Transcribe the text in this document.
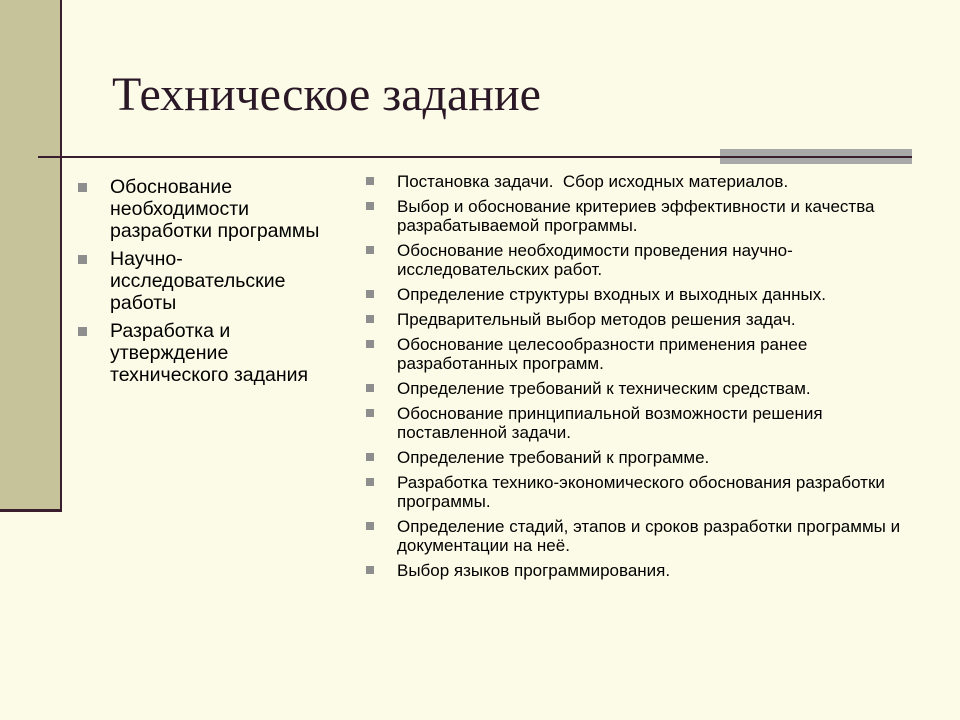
Техническое задание
Обоснование необходимости разработки программы
Научно-исследовательские работы
Разработка и утверждение технического задания
Постановка задачи.  Сбор исходных материалов.
Выбор и обоснование критериев эффективности и качества разрабатываемой программы.
Обоснование необходимости проведения научно-исследовательских работ.
Определение структуры входных и выходных данных.
Предварительный выбор методов решения задач.
Обоснование целесообразности применения ранее разработанных программ.
Определение требований к техническим средствам.
Обоснование принципиальной возможности решения поставленной задачи.
Определение требований к программе.
Разработка технико-экономического обоснования разработки программы.
Определение стадий, этапов и сроков разработки программы и документации на неё.
Выбор языков программирования.
